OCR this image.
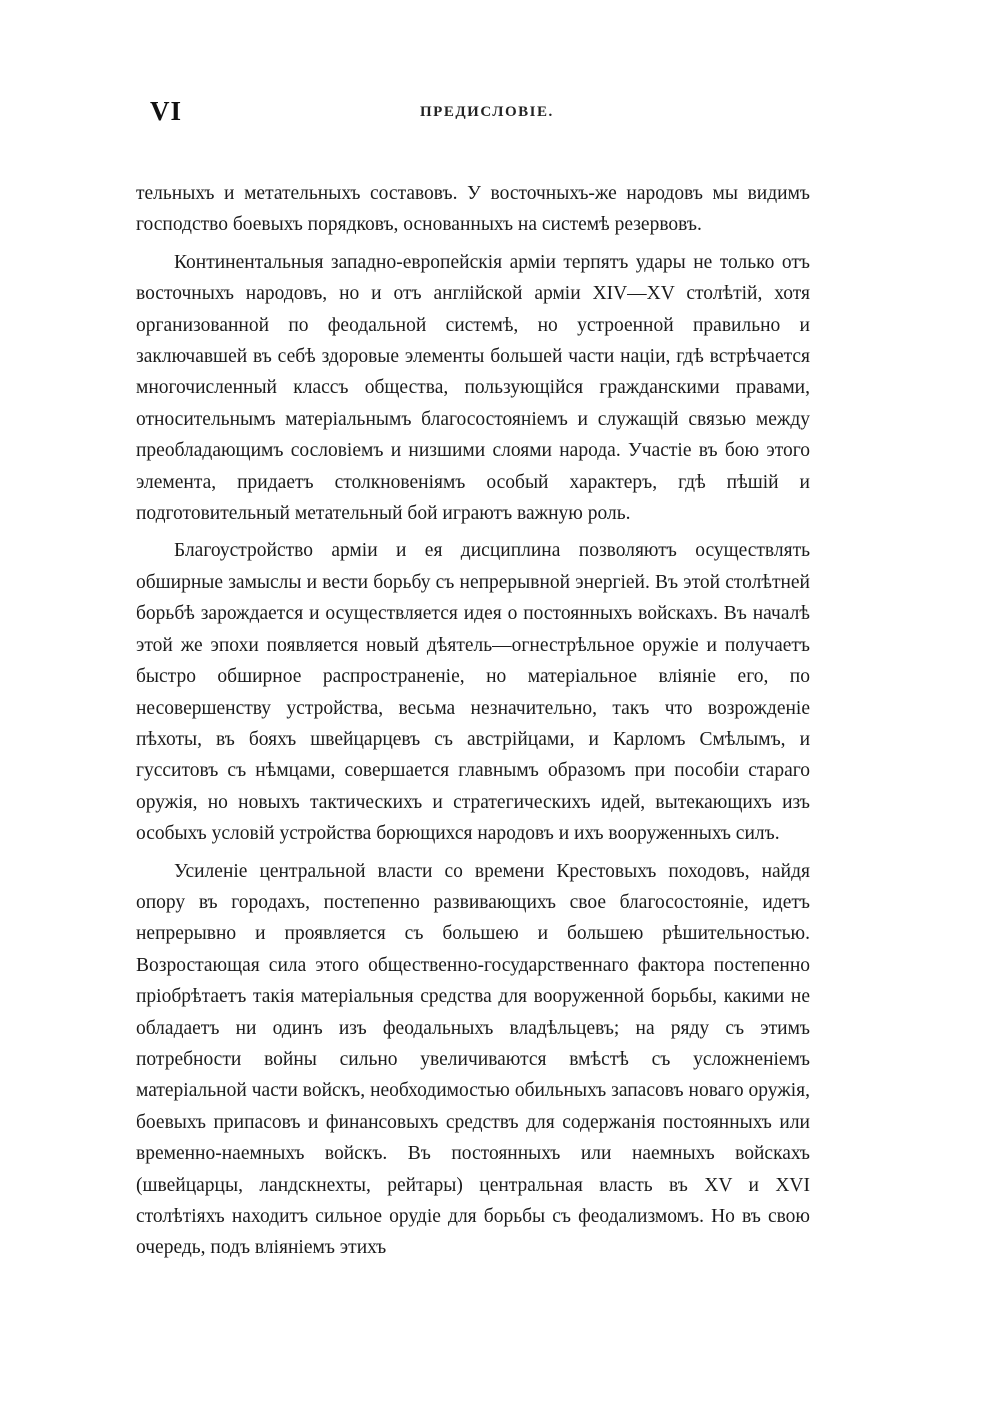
VI	ПРЕДИСЛОВІЕ.

тельныхъ и метательныхъ составовъ. У восточныхъ-же народовъ мы видимъ господство боевыхъ порядковъ, основанныхъ на системѣ резервовъ.

Континентальныя западно-европейскія арміи терпятъ удары не только отъ восточныхъ народовъ, но и отъ англійской арміи XIV—XV столѣтій, хотя организованной по феодальной системѣ, но устроенной правильно и заключавшей въ себѣ здоровые элементы большей части націи, гдѣ встрѣчается многочисленный классъ общества, пользующійся гражданскими правами, относительнымъ матеріальнымъ благосостояніемъ и служащій связью между преобладающимъ сословіемъ и низшими слоями народа. Участіе въ бою этого элемента, придаетъ столкновеніямъ особый характеръ, гдѣ пѣшій и подготовительный метательный бой играютъ важную роль.

Благоустройство арміи и ея дисциплина позволяютъ осуществлять обширные замыслы и вести борьбу съ непрерывной энергіей. Въ этой столѣтней борьбѣ зарождается и осуществляется идея о постоянныхъ войскахъ. Въ началѣ этой же эпохи появляется новый дѣятель—огнестрѣльное оружіе и получаетъ быстро обширное распространеніе, но матеріальное вліяніе его, по несовершенству устройства, весьма незначительно, такъ что возрожденіе пѣхоты, въ бояхъ швейцарцевъ съ австрійцами, и Карломъ Смѣлымъ, и гусситовъ съ нѣмцами, совершается главнымъ образомъ при пособіи стараго оружія, но новыхъ тактическихъ и стратегическихъ идей, вытекающихъ изъ особыхъ условій устройства борющихся народовъ и ихъ вооруженныхъ силъ.

Усиленіе центральной власти со времени Крестовыхъ походовъ, найдя опору въ городахъ, постепенно развивающихъ свое благосостояніе, идетъ непрерывно и проявляется съ большею и большею рѣшительностью. Возростающая сила этого общественно-государственнаго фактора постепенно пріобрѣтаетъ такія матеріальныя средства для вооруженной борьбы, какими не обладаетъ ни одинъ изъ феодальныхъ владѣльцевъ; на ряду съ этимъ потребности войны сильно увеличиваются вмѣстѣ съ усложненіемъ матеріальной части войскъ, необходимостью обильныхъ запасовъ новаго оружія, боевыхъ припасовъ и финансовыхъ средствъ для содержанія постоянныхъ или временно-наемныхъ войскъ. Въ постоянныхъ или наемныхъ войскахъ (швейцарцы, ландскнехты, рейтары) центральная власть въ XV и XVI столѣтіяхъ находитъ сильное орудіе для борьбы съ феодализмомъ. Но въ свою очередь, подъ вліяніемъ этихъ
